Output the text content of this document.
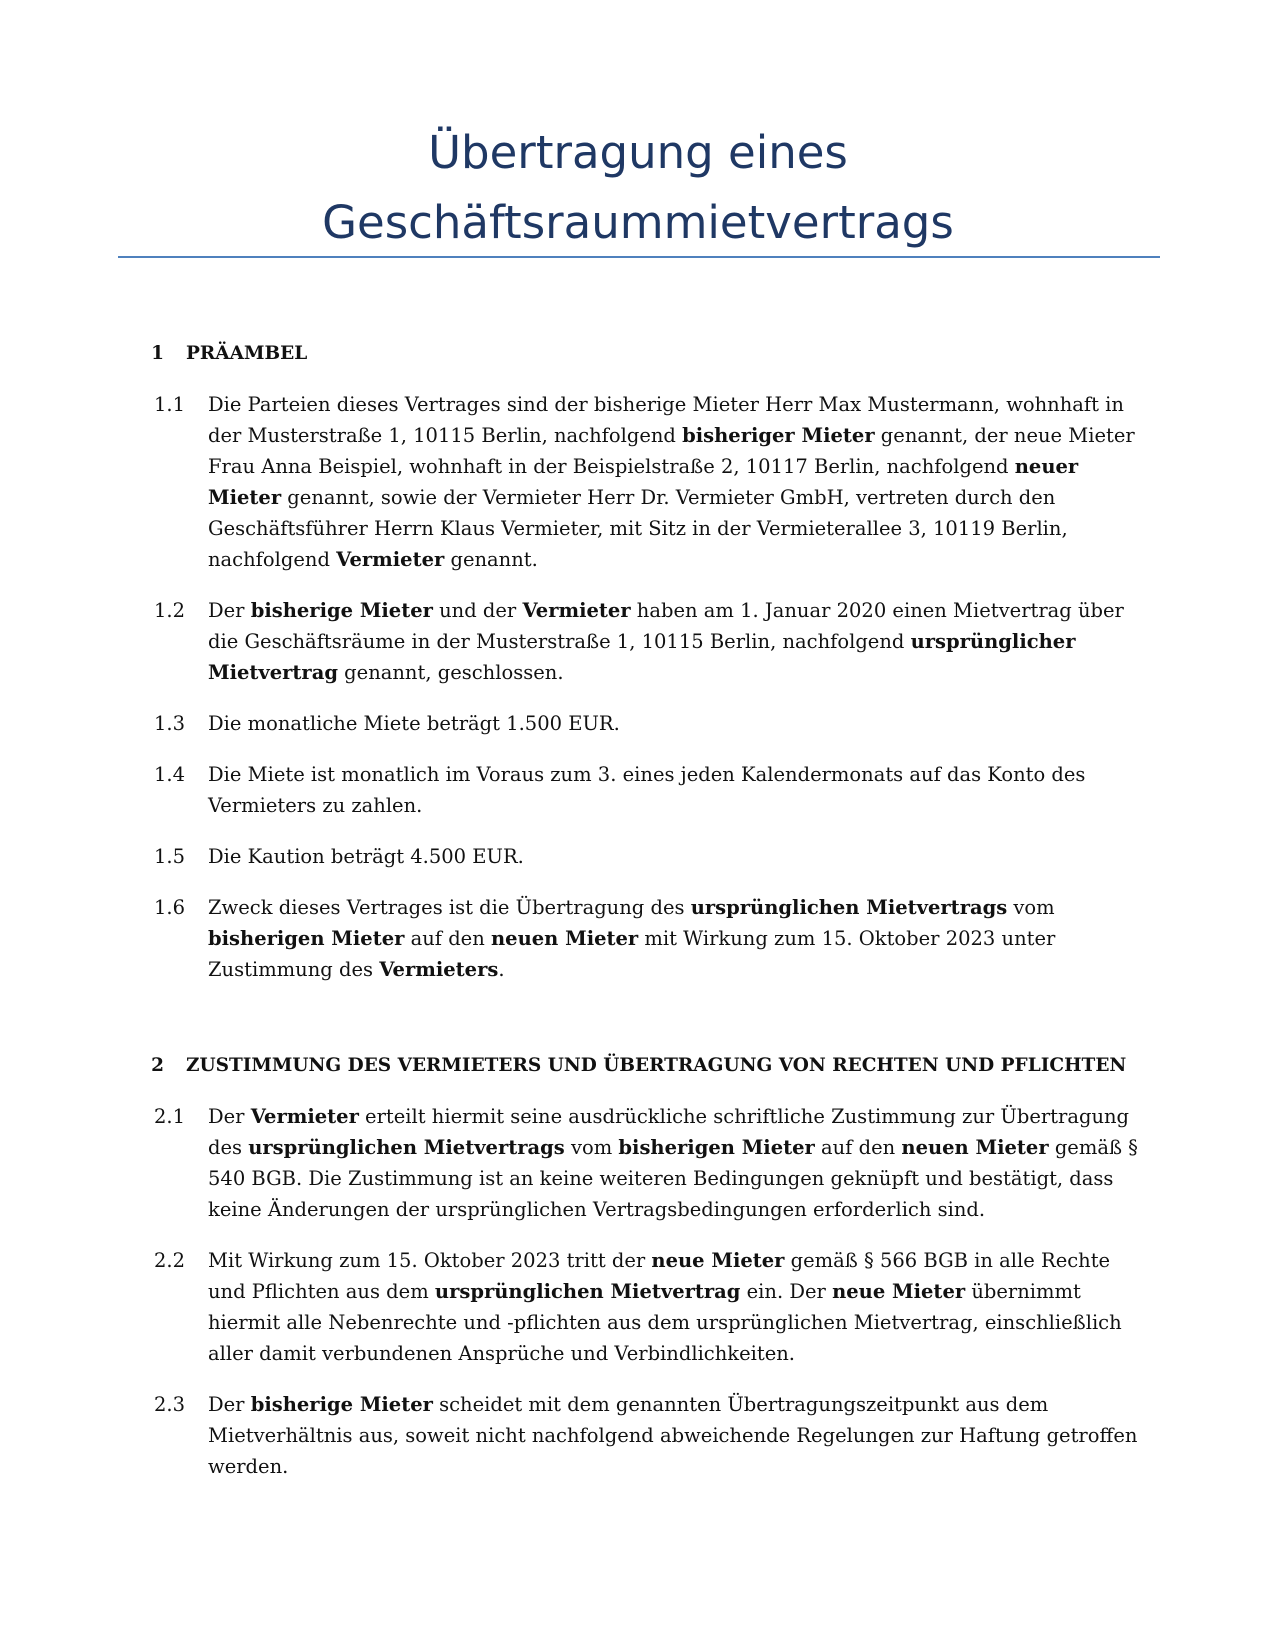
Übertragung eines
Geschäftsraummietvertrags
1	PRÄAMBEL
1.1	Die Parteien dieses Vertrages sind der bisherige Mieter Herr Max Mustermann, wohnhaft in der Musterstraße 1, 10115 Berlin, nachfolgend bisheriger Mieter genannt, der neue Mieter Frau Anna Beispiel, wohnhaft in der Beispielstraße 2, 10117 Berlin, nachfolgend neuer Mieter genannt, sowie der Vermieter Herr Dr. Vermieter GmbH, vertreten durch den Geschäftsführer Herrn Klaus Vermieter, mit Sitz in der Vermieterallee 3, 10119 Berlin, nachfolgend Vermieter genannt.
1.2	Der bisherige Mieter und der Vermieter haben am 1. Januar 2020 einen Mietvertrag über die Geschäftsräume in der Musterstraße 1, 10115 Berlin, nachfolgend ursprünglicher Mietvertrag genannt, geschlossen.
1.3	Die monatliche Miete beträgt 1.500 EUR.
1.4	Die Miete ist monatlich im Voraus zum 3. eines jeden Kalendermonats auf das Konto des Vermieters zu zahlen.
1.5	Die Kaution beträgt 4.500 EUR.
1.6	Zweck dieses Vertrages ist die Übertragung des ursprünglichen Mietvertrags vom bisherigen Mieter auf den neuen Mieter mit Wirkung zum 15. Oktober 2023 unter Zustimmung des Vermieters.
2	ZUSTIMMUNG DES VERMIETERS UND ÜBERTRAGUNG VON RECHTEN UND PFLICHTEN
2.1	Der Vermieter erteilt hiermit seine ausdrückliche schriftliche Zustimmung zur Übertragung des ursprünglichen Mietvertrags vom bisherigen Mieter auf den neuen Mieter gemäß § 540 BGB. Die Zustimmung ist an keine weiteren Bedingungen geknüpft und bestätigt, dass keine Änderungen der ursprünglichen Vertragsbedingungen erforderlich sind.
2.2	Mit Wirkung zum 15. Oktober 2023 tritt der neue Mieter gemäß § 566 BGB in alle Rechte und Pflichten aus dem ursprünglichen Mietvertrag ein. Der neue Mieter übernimmt hiermit alle Nebenrechte und -pflichten aus dem ursprünglichen Mietvertrag, einschließlich aller damit verbundenen Ansprüche und Verbindlichkeiten.
2.3	Der bisherige Mieter scheidet mit dem genannten Übertragungszeitpunkt aus dem Mietverhältnis aus, soweit nicht nachfolgend abweichende Regelungen zur Haftung getroffen werden.
